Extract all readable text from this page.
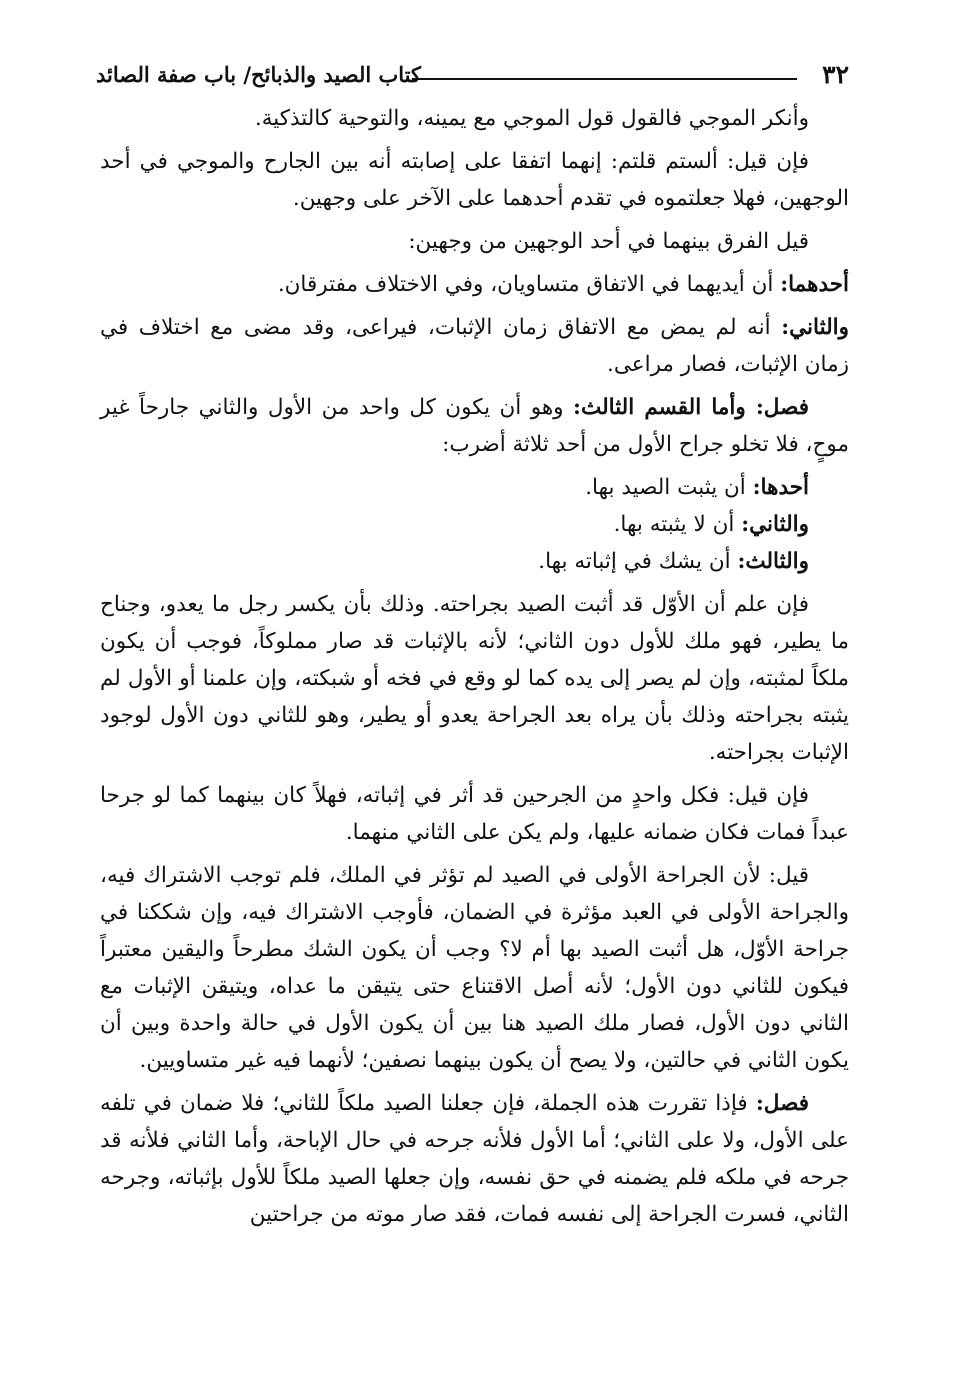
٣٢
كتاب الصيد والذبائح/ باب صفة الصائد

وأنكر الموجي فالقول قول الموجي مع يمينه، والتوحية كالتذكية.

فإن قيل: ألستم قلتم: إنهما اتفقا على إصابته أنه بين الجارح والموجي في أحد الوجهين، فهلا جعلتموه في تقدم أحدهما على الآخر على وجهين.

قيل الفرق بينهما في أحد الوجهين من وجهين:

أحدهما: أن أيديهما في الاتفاق متساويان، وفي الاختلاف مفترقان.

والثاني: أنه لم يمض مع الاتفاق زمان الإثبات، فيراعى، وقد مضى مع اختلاف في زمان الإثبات، فصار مراعى.

فصل: وأما القسم الثالث: وهو أن يكون كل واحد من الأول والثاني جارحاً غير موحٍ، فلا تخلو جراح الأول من أحد ثلاثة أضرب:

أحدها: أن يثبت الصيد بها.

والثاني: أن لا يثبته بها.

والثالث: أن يشك في إثباته بها.

فإن علم أن الأوّل قد أثبت الصيد بجراحته. وذلك بأن يكسر رجل ما يعدو، وجناح ما يطير، فهو ملك للأول دون الثاني؛ لأنه بالإثبات قد صار مملوكاً، فوجب أن يكون ملكاً لمثبته، وإن لم يصر إلى يده كما لو وقع في فخه أو شبكته، وإن علمنا أو الأول لم يثبته بجراحته وذلك بأن يراه بعد الجراحة يعدو أو يطير، وهو للثاني دون الأول لوجود الإثبات بجراحته.

فإن قيل: فكل واحدٍ من الجرحين قد أثر في إثباته، فهلاً كان بينهما كما لو جرحا عبداً فمات فكان ضمانه عليها، ولم يكن على الثاني منهما.

قيل: لأن الجراحة الأولى في الصيد لم تؤثر في الملك، فلم توجب الاشتراك فيه، والجراحة الأولى في العبد مؤثرة في الضمان، فأوجب الاشتراك فيه، وإن شككنا في جراحة الأوّل، هل أثبت الصيد بها أم لا؟ وجب أن يكون الشك مطرحاً واليقين معتبراً فيكون للثاني دون الأول؛ لأنه أصل الاقتناع حتى يتيقن ما عداه، ويتيقن الإثبات مع الثاني دون الأول، فصار ملك الصيد هنا بين أن يكون الأول في حالة واحدة وبين أن يكون الثاني في حالتين، ولا يصح أن يكون بينهما نصفين؛ لأنهما فيه غير متساويين.

فصل: فإذا تقررت هذه الجملة، فإن جعلنا الصيد ملكاً للثاني؛ فلا ضمان في تلفه على الأول، ولا على الثاني؛ أما الأول فلأنه جرحه في حال الإباحة، وأما الثاني فلأنه قد جرحه في ملكه فلم يضمنه في حق نفسه، وإن جعلها الصيد ملكاً للأول بإثباته، وجرحه الثاني، فسرت الجراحة إلى نفسه فمات، فقد صار موته من جراحتين
